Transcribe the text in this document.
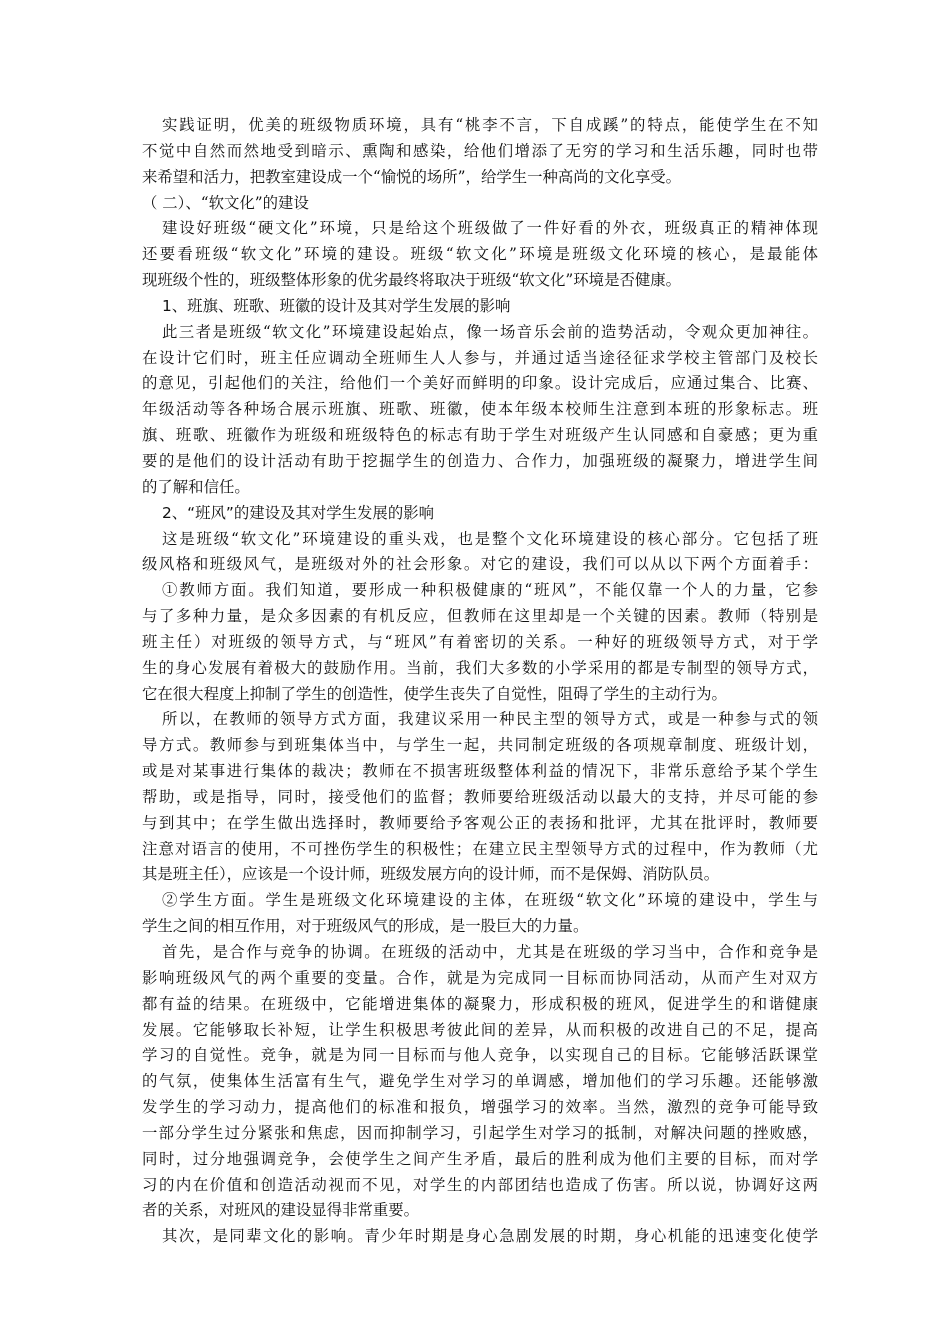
实践证明，优美的班级物质环境，具有“桃李不言，下自成蹊”的特点，能使学生在不知
不觉中自然而然地受到暗示、熏陶和感染，给他们增添了无穷的学习和生活乐趣，同时也带
来希望和活力，把教室建设成一个“愉悦的场所”，给学生一种高尚的文化享受。
（ 二）、“软文化”的建设
建设好班级“硬文化”环境，只是给这个班级做了一件好看的外衣，班级真正的精神体现
还要看班级“软文化”环境的建设。班级“软文化”环境是班级文化环境的核心，是最能体
现班级个性的，班级整体形象的优劣最终将取决于班级“软文化”环境是否健康。
1、班旗、班歌、班徽的设计及其对学生发展的影响
此三者是班级“软文化”环境建设起始点，像一场音乐会前的造势活动，令观众更加神往。
在设计它们时，班主任应调动全班师生人人参与，并通过适当途径征求学校主管部门及校长
的意见，引起他们的关注，给他们一个美好而鲜明的印象。设计完成后，应通过集合、比赛、
年级活动等各种场合展示班旗、班歌、班徽，使本年级本校师生注意到本班的形象标志。班
旗、班歌、班徽作为班级和班级特色的标志有助于学生对班级产生认同感和自豪感；更为重
要的是他们的设计活动有助于挖掘学生的创造力、合作力，加强班级的凝聚力，增进学生间
的了解和信任。
2、“班风”的建设及其对学生发展的影响
这是班级“软文化”环境建设的重头戏，也是整个文化环境建设的核心部分。它包括了班
级风格和班级风气，是班级对外的社会形象。对它的建设，我们可以从以下两个方面着手：
①教师方面。我们知道，要形成一种积极健康的“班风”，不能仅靠一个人的力量，它参
与了多种力量，是众多因素的有机反应，但教师在这里却是一个关键的因素。教师（特别是
班主任）对班级的领导方式，与“班风”有着密切的关系。一种好的班级领导方式，对于学
生的身心发展有着极大的鼓励作用。当前，我们大多数的小学采用的都是专制型的领导方式，
它在很大程度上抑制了学生的创造性，使学生丧失了自觉性，阻碍了学生的主动行为。
所以，在教师的领导方式方面，我建议采用一种民主型的领导方式，或是一种参与式的领
导方式。教师参与到班集体当中，与学生一起，共同制定班级的各项规章制度、班级计划，
或是对某事进行集体的裁决；教师在不损害班级整体利益的情况下，非常乐意给予某个学生
帮助，或是指导，同时，接受他们的监督；教师要给班级活动以最大的支持，并尽可能的参
与到其中；在学生做出选择时，教师要给予客观公正的表扬和批评，尤其在批评时，教师要
注意对语言的使用，不可挫伤学生的积极性；在建立民主型领导方式的过程中，作为教师（尤
其是班主任），应该是一个设计师，班级发展方向的设计师，而不是保姆、消防队员。
②学生方面。学生是班级文化环境建设的主体，在班级“软文化”环境的建设中，学生与
学生之间的相互作用，对于班级风气的形成，是一股巨大的力量。
首先，是合作与竞争的协调。在班级的活动中，尤其是在班级的学习当中，合作和竞争是
影响班级风气的两个重要的变量。合作，就是为完成同一目标而协同活动，从而产生对双方
都有益的结果。在班级中，它能增进集体的凝聚力，形成积极的班风，促进学生的和谐健康
发展。它能够取长补短，让学生积极思考彼此间的差异，从而积极的改进自己的不足，提高
学习的自觉性。竞争，就是为同一目标而与他人竞争，以实现自己的目标。它能够活跃课堂
的气氛，使集体生活富有生气，避免学生对学习的单调感，增加他们的学习乐趣。还能够激
发学生的学习动力，提高他们的标准和报负，增强学习的效率。当然，激烈的竞争可能导致
一部分学生过分紧张和焦虑，因而抑制学习，引起学生对学习的抵制，对解决问题的挫败感，
同时，过分地强调竞争，会使学生之间产生矛盾，最后的胜利成为他们主要的目标，而对学
习的内在价值和创造活动视而不见，对学生的内部团结也造成了伤害。所以说，协调好这两
者的关系，对班风的建设显得非常重要。
其次，是同辈文化的影响。青少年时期是身心急剧发展的时期，身心机能的迅速变化使学
